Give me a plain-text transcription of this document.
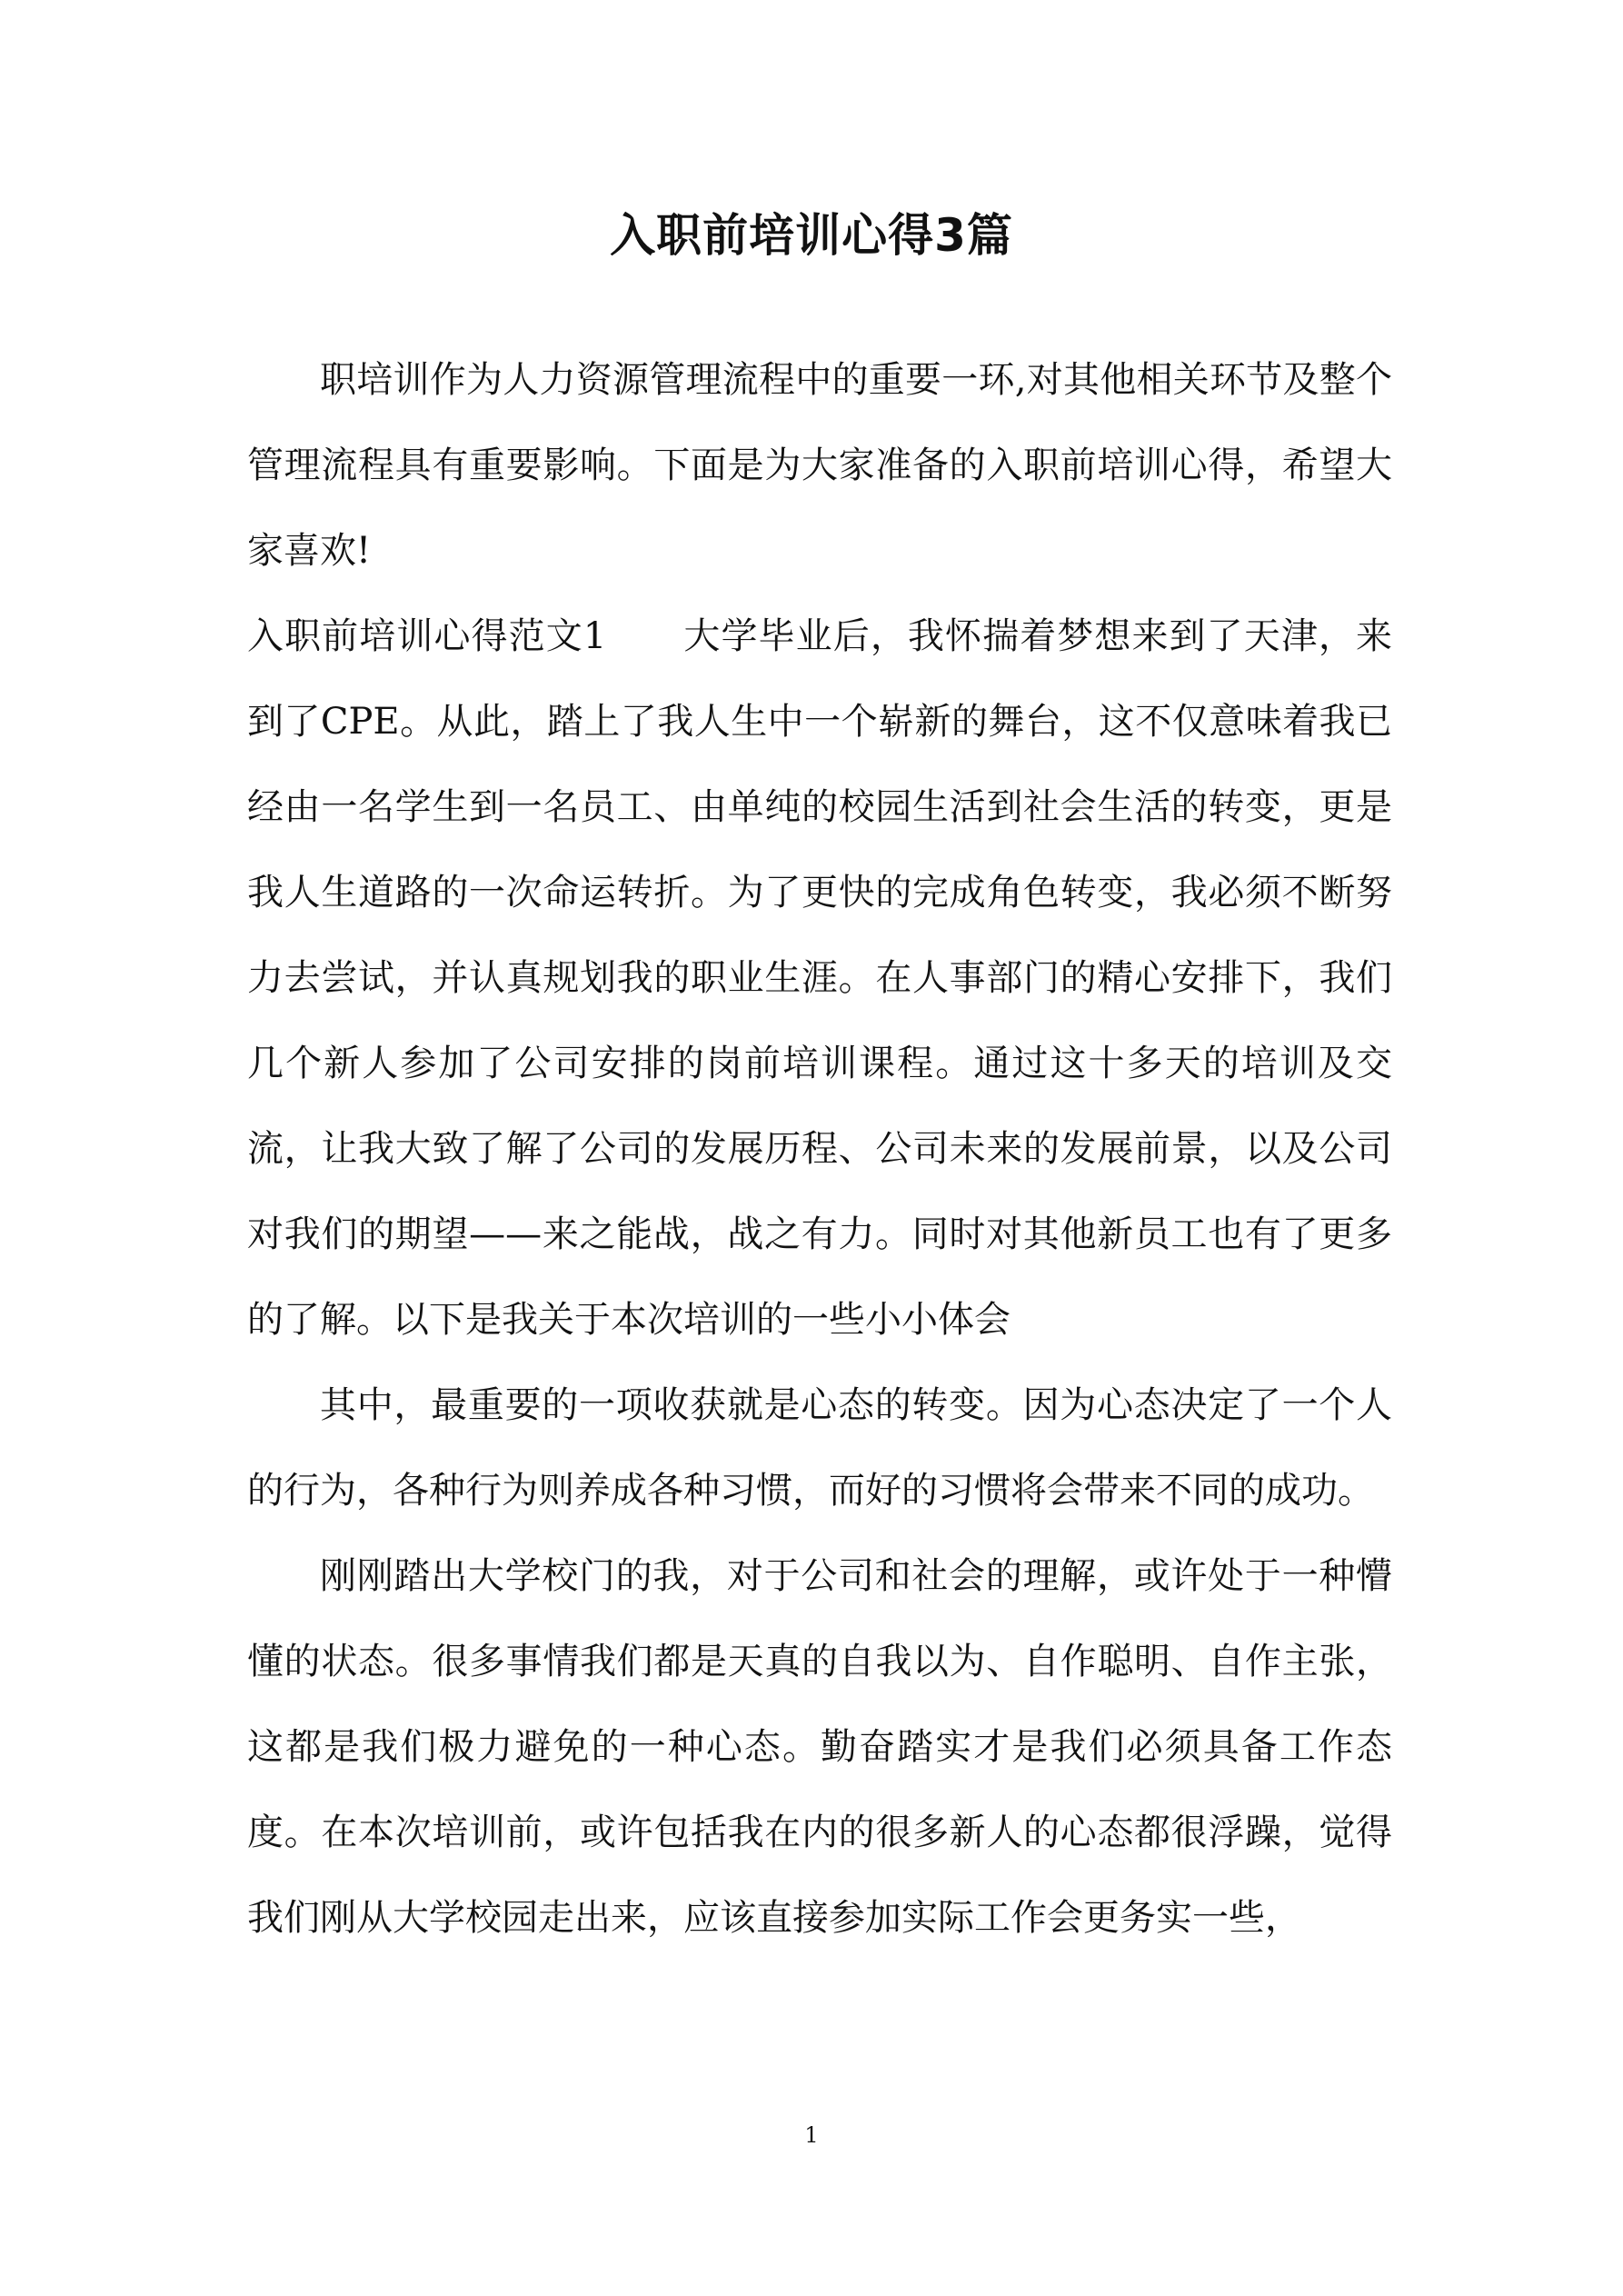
入职前培训心得3篇

职培训作为人力资源管理流程中的重要一环,对其他相关环节及整个管理流程具有重要影响。下面是为大家准备的入职前培训心得，希望大家喜欢!

入职前培训心得范文1 大学毕业后，我怀揣着梦想来到了天津，来到了CPE。从此，踏上了我人生中一个崭新的舞台，这不仅意味着我已经由一名学生到一名员工、由单纯的校园生活到社会生活的转变，更是我人生道路的一次命运转折。为了更快的完成角色转变，我必须不断努力去尝试，并认真规划我的职业生涯。在人事部门的精心安排下，我们几个新人参加了公司安排的岗前培训课程。通过这十多天的培训及交流，让我大致了解了公司的发展历程、公司未来的发展前景，以及公司对我们的期望——来之能战，战之有力。同时对其他新员工也有了更多的了解。以下是我关于本次培训的一些小小体会

其中，最重要的一项收获就是心态的转变。因为心态决定了一个人的行为，各种行为则养成各种习惯，而好的习惯将会带来不同的成功。

刚刚踏出大学校门的我，对于公司和社会的理解，或许处于一种懵懂的状态。很多事情我们都是天真的自我以为、自作聪明、自作主张，这都是我们极力避免的一种心态。勤奋踏实才是我们必须具备工作态度。在本次培训前，或许包括我在内的很多新人的心态都很浮躁，觉得我们刚从大学校园走出来，应该直接参加实际工作会更务实一些，

1
